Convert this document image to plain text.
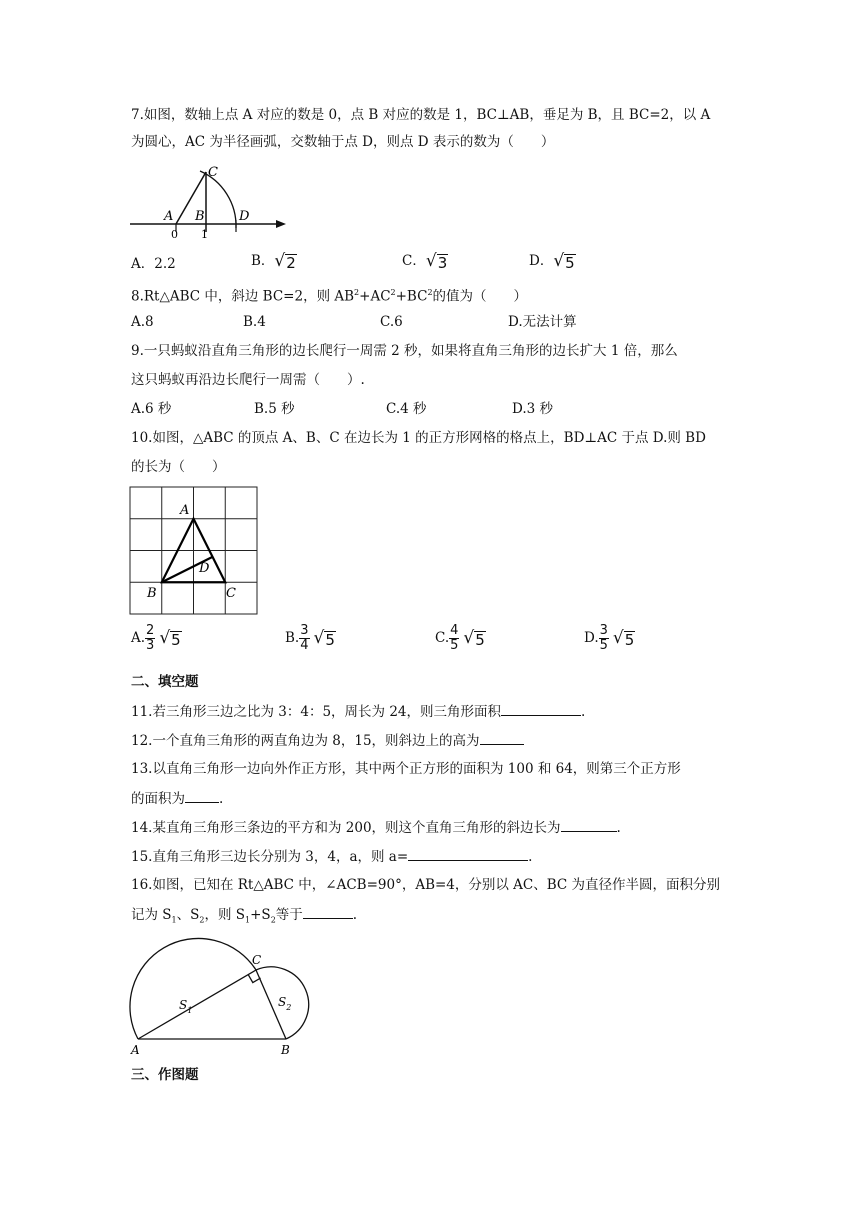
7.如图，数轴上点 A 对应的数是 0，点 B 对应的数是 1，BC⊥AB，垂足为 B，且 BC=2，以 A
为圆心，AC 为半径画弧，交数轴于点 D，则点 D 表示的数为（　　）
C
A B	D
0 1
A．2.2	B． √ 2	C． √ 3	D． √ 5
8.Rt△ABC 中，斜边 BC=2，则 $AB^2+AC^2+BC^2$的值为（　　）
A.8	B.4	C.6	D.无法计算
9.一只蚂蚁沿直角三角形的边长爬行一周需 2 秒，如果将直角三角形的边长扩大 1 倍，那么
这只蚂蚁再沿边长爬行一周需（　　）.
A.6 秒	B.5 秒	C.4 秒	D.3 秒
10.如图，△ABC 的顶点 A、B、C 在边长为 1 的正方形网格的格点上，BD⊥AC 于点 D.则 BD
的长为（　　）
A
B	C
D
A. $\frac{2}{3}$ √ 5	B. $\frac{3}{4}$ √ 5	C. $\frac{4}{5}$ √ 5	D. $\frac{3}{5}$ √ 5
二、填空题
11.若三角形三边之比为 3：4：5，周长为 24，则三角形面积	.
12.一个直角三角形的两直角边为 8，15，则斜边上的高为
13.以直角三角形一边向外作正方形，其中两个正方形的面积为 100 和 64，则第三个正方形
的面积为	.
14.某直角三角形三条边的平方和为 200，则这个直角三角形的斜边长为	.
15.直角三角形三边长分别为 3，4，a，则 a=	.
16.如图，已知在 Rt△ABC 中，∠ACB=90°，AB=4，分别以 AC、BC 为直径作半圆，面积分别
记为 $S_1$、$S_2$，则 $S_1+S_2$等于	.
A	B
C
$S_1$
$S_2$
三、作图题
